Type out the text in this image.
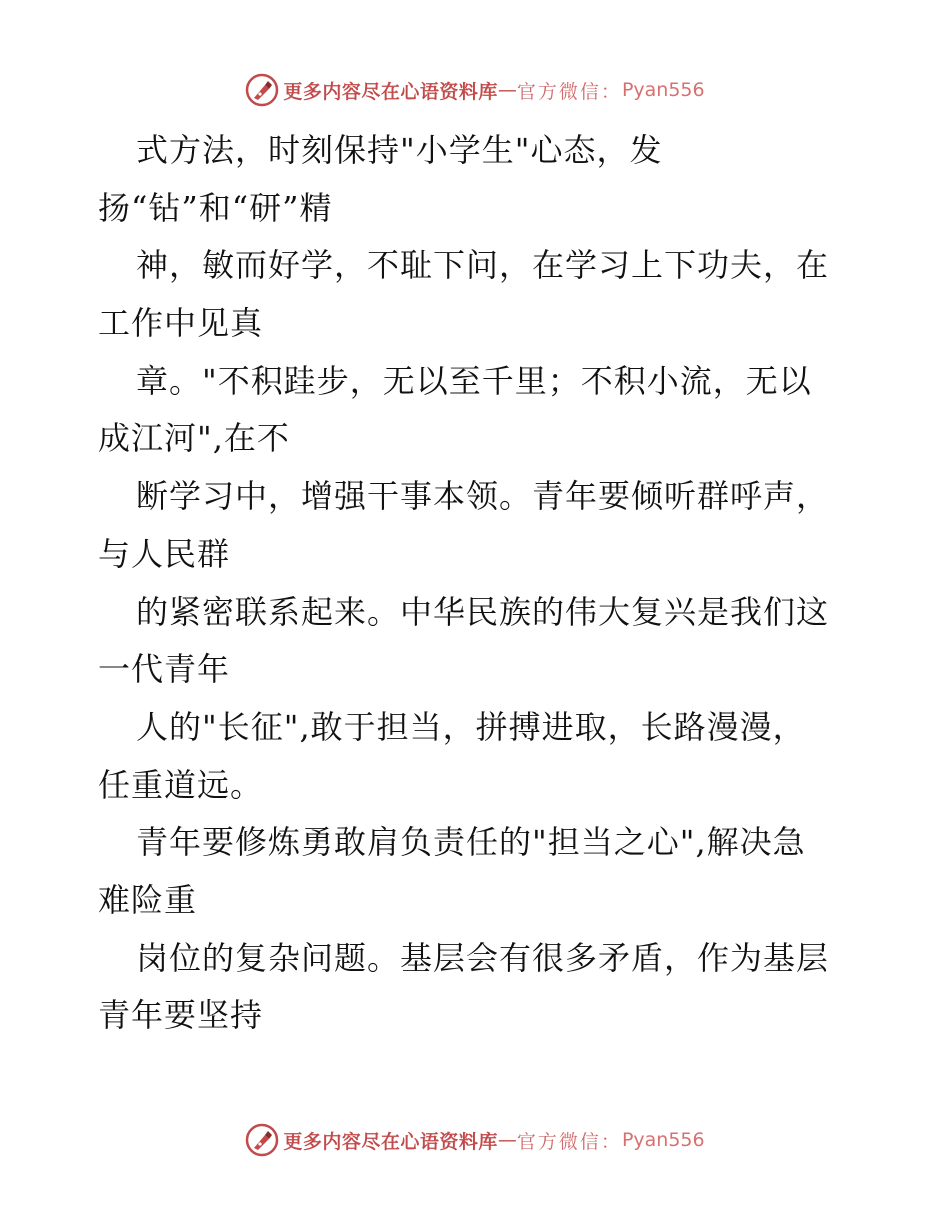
更多内容尽在心语资料库 — 官方微信： Pyan556
式方法，时刻保持"小学生"心态，发
扬“钻”和“研”精
神，敏而好学，不耻下问，在学习上下功夫，在
工作中见真
章。"不积跬步，无以至千里；不积小流，无以
成江河",在不
断学习中，增强干事本领。青年要倾听群呼声，
与人民群
的紧密联系起来。中华民族的伟大复兴是我们这
一代青年
人的"长征",敢于担当，拼搏进取，长路漫漫，
任重道远。
青年要修炼勇敢肩负责任的"担当之心",解决急
难险重
岗位的复杂问题。基层会有很多矛盾，作为基层
青年要坚持
更多内容尽在心语资料库 — 官方微信： Pyan556
